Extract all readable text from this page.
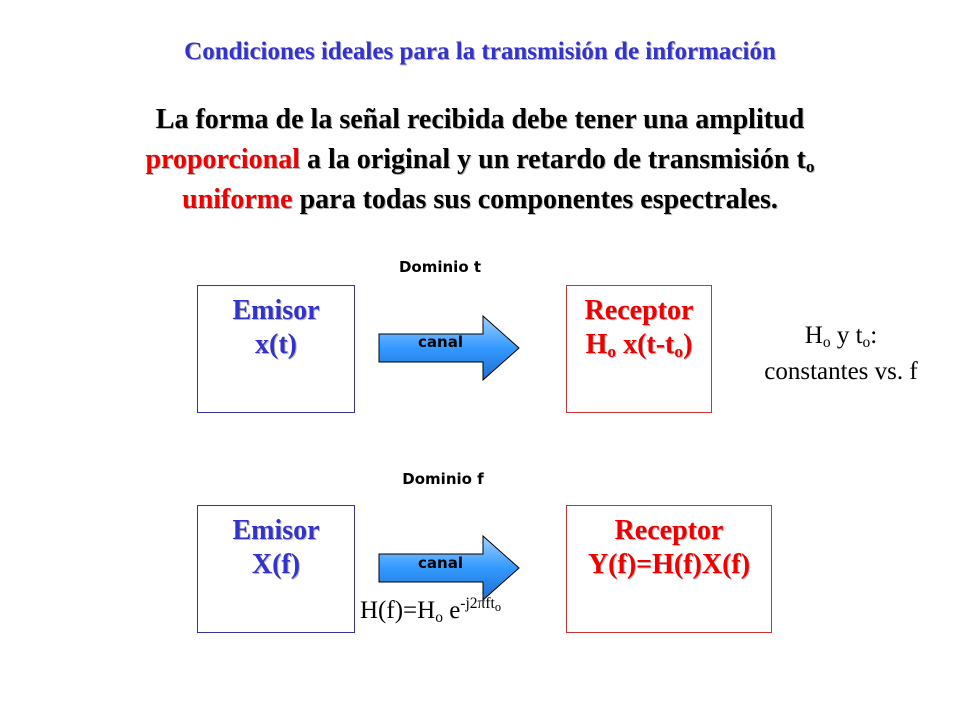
Condiciones ideales para la transmisión de información
La forma de la señal recibida debe tener una amplitud
proporcional a la original y un retardo de transmisión $t_o$
uniforme para todas sus componentes espectrales.
Dominio t
Emisor
x(t)	canal
Receptor
$H_o$ $x(t-t_o)$	$H_o$ y $t_o$:
constantes vs. f
Dominio f
Emisor
X(f)	canal
Receptor
Y(f)=H(f)X(f)
$H(f)=H_o$ $e^{-j2\pi ft_o}$
